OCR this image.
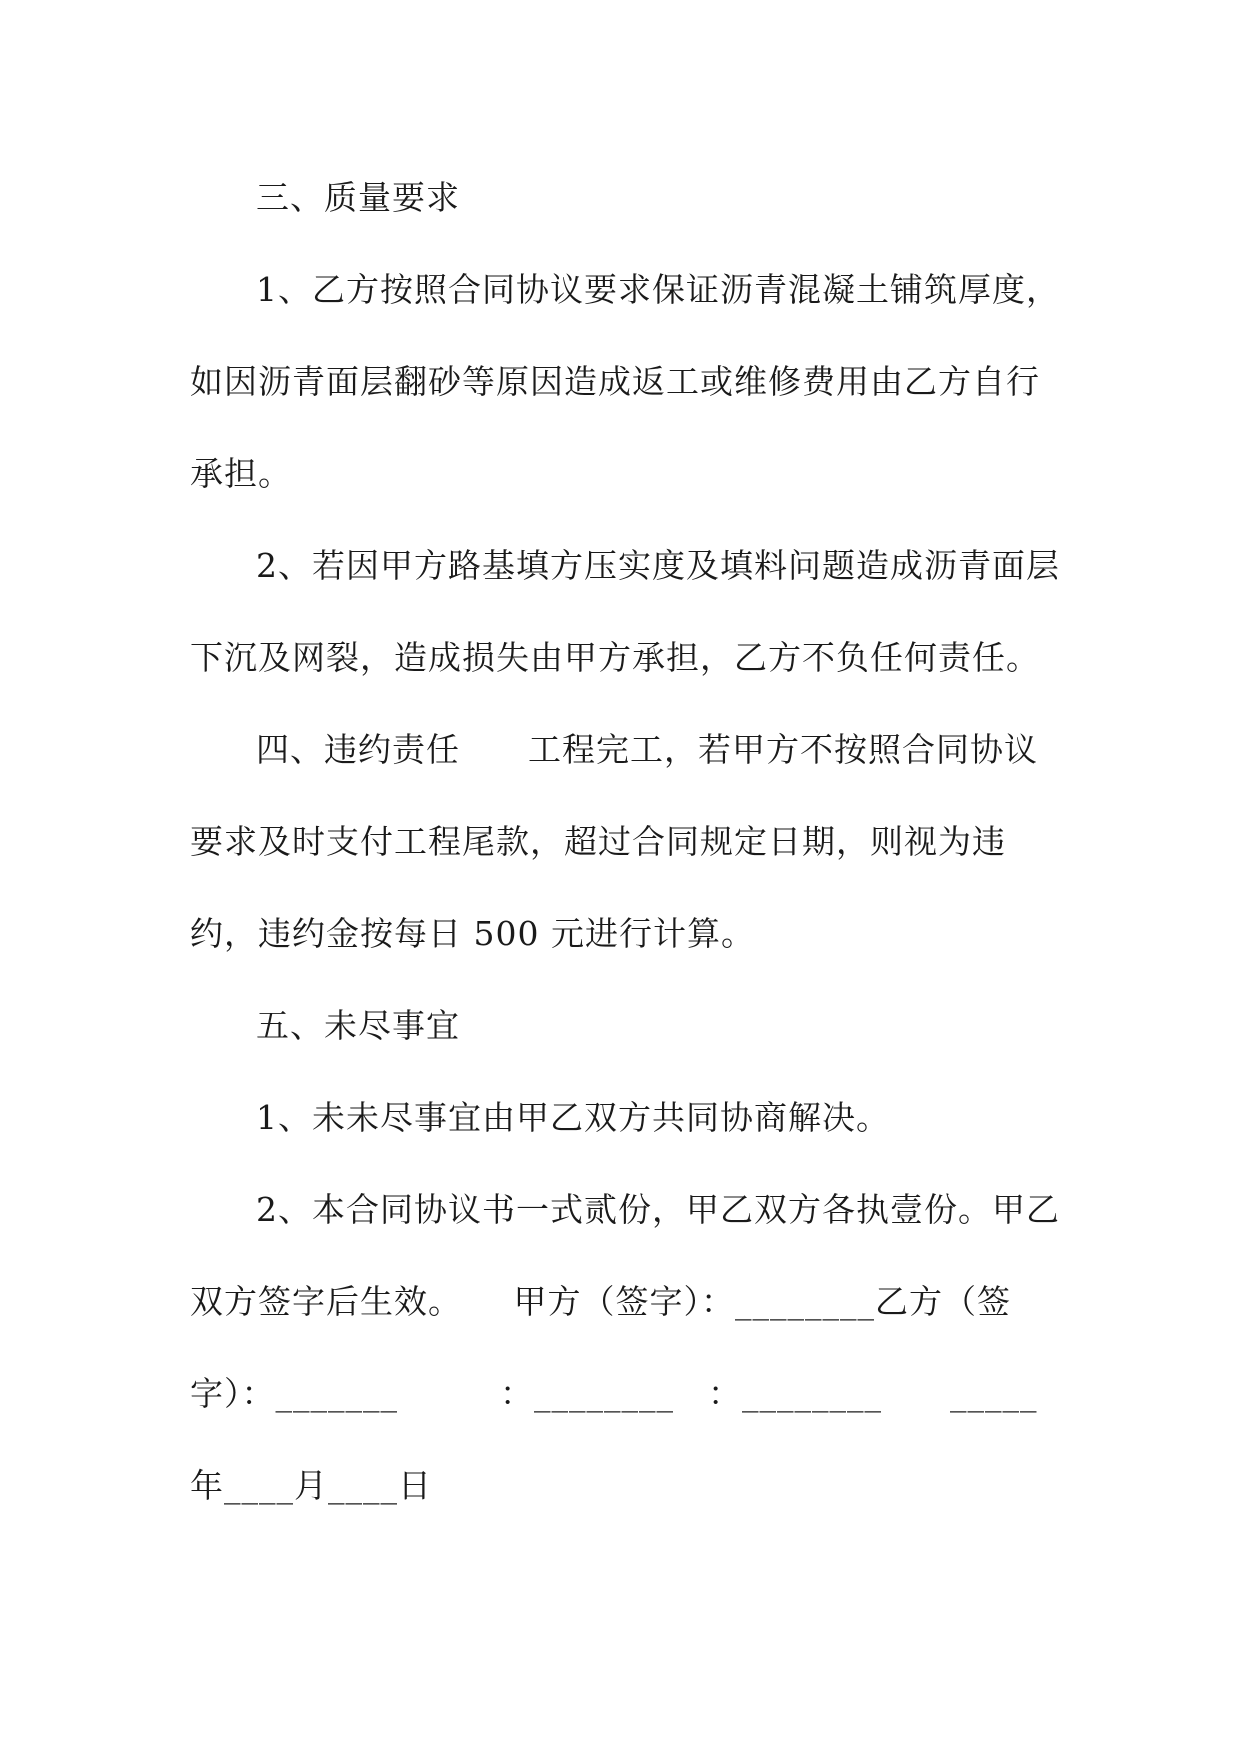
三、质量要求
1、乙方按照合同协议要求保证沥青混凝土铺筑厚度，
如因沥青面层翻砂等原因造成返工或维修费用由乙方自行
承担。
2、若因甲方路基填方压实度及填料问题造成沥青面层
下沉及网裂，造成损失由甲方承担，乙方不负任何责任。
四、违约责任　　工程完工，若甲方不按照合同协议
要求及时支付工程尾款，超过合同规定日期，则视为违
约，违约金按每日 500 元进行计算。
五、未尽事宜
1、未未尽事宜由甲乙双方共同协商解决。
2、本合同协议书一式贰份，甲乙双方各执壹份。甲乙
双方签字后生效。　　甲方（签字）：________乙方（签
字）：_______　　　：________　：________　　_____
年____月____日
